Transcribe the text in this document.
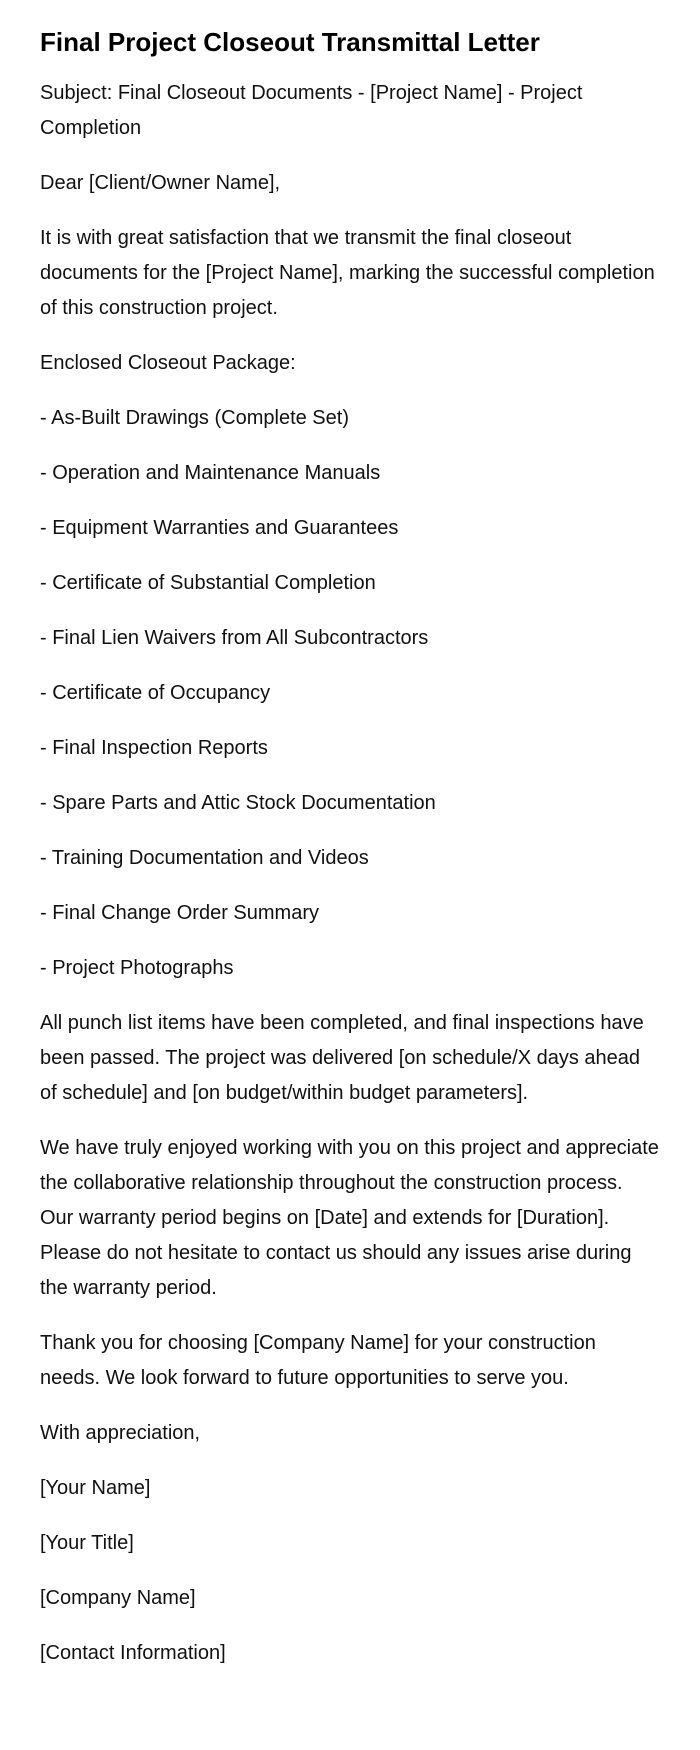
Final Project Closeout Transmittal Letter

Subject: Final Closeout Documents - [Project Name] - Project Completion

Dear [Client/Owner Name],

It is with great satisfaction that we transmit the final closeout documents for the [Project Name], marking the successful completion of this construction project.

Enclosed Closeout Package:

- As-Built Drawings (Complete Set)

- Operation and Maintenance Manuals

- Equipment Warranties and Guarantees

- Certificate of Substantial Completion

- Final Lien Waivers from All Subcontractors

- Certificate of Occupancy

- Final Inspection Reports

- Spare Parts and Attic Stock Documentation

- Training Documentation and Videos

- Final Change Order Summary

- Project Photographs

All punch list items have been completed, and final inspections have been passed. The project was delivered [on schedule/X days ahead of schedule] and [on budget/within budget parameters].

We have truly enjoyed working with you on this project and appreciate the collaborative relationship throughout the construction process. Our warranty period begins on [Date] and extends for [Duration]. Please do not hesitate to contact us should any issues arise during the warranty period.

Thank you for choosing [Company Name] for your construction needs. We look forward to future opportunities to serve you.

With appreciation,

[Your Name]

[Your Title]

[Company Name]

[Contact Information]
